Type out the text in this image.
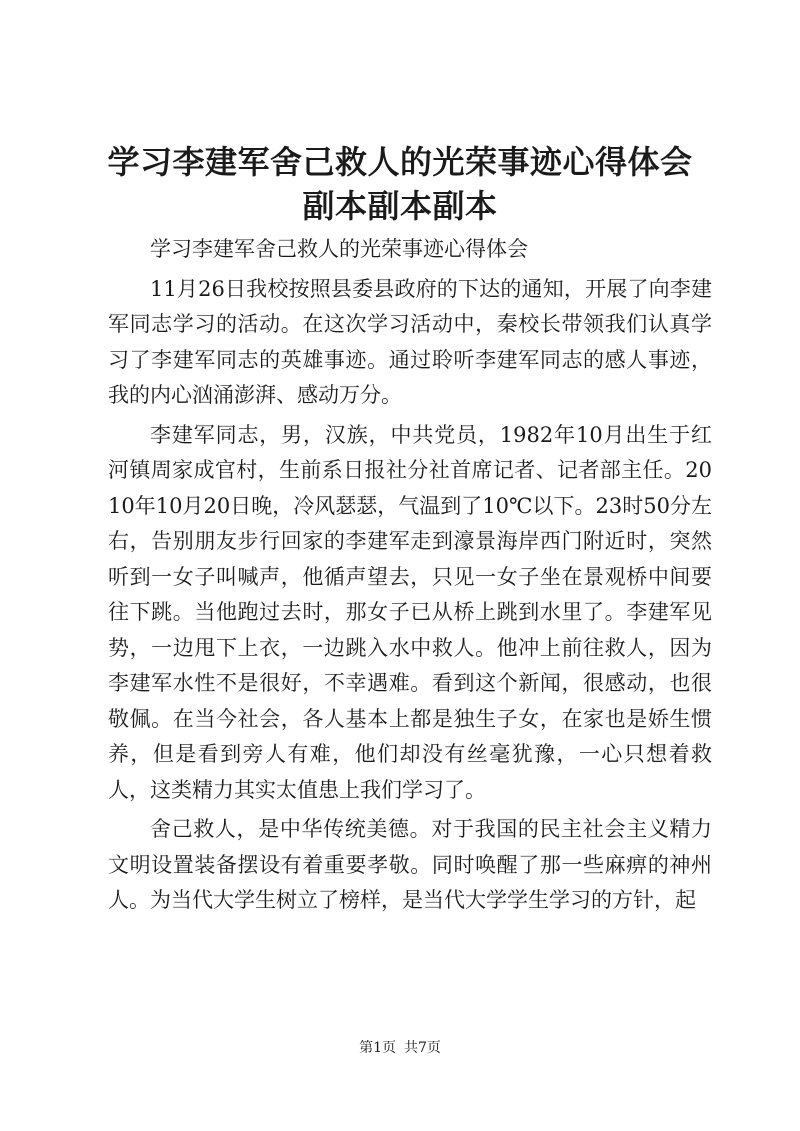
学习李建军舍己救人的光荣事迹心得体会副本副本副本

学习李建军舍己救人的光荣事迹心得体会

11月26日我校按照县委县政府的下达的通知，开展了向李建军同志学习的活动。在这次学习活动中，秦校长带领我们认真学习了李建军同志的英雄事迹。通过聆听李建军同志的感人事迹，我的内心汹涌澎湃、感动万分。

李建军同志，男，汉族，中共党员，1982年10月出生于红河镇周家成官村，生前系日报社分社首席记者、记者部主任。2010年10月20日晚，冷风瑟瑟，气温到了10℃以下。23时50分左右，告别朋友步行回家的李建军走到濠景海岸西门附近时，突然听到一女子叫喊声，他循声望去，只见一女子坐在景观桥中间要往下跳。当他跑过去时，那女子已从桥上跳到水里了。李建军见势，一边甩下上衣，一边跳入水中救人。他冲上前往救人，因为李建军水性不是很好，不幸遇难。看到这个新闻，很感动，也很敬佩。在当今社会，各人基本上都是独生子女，在家也是娇生惯养，但是看到旁人有难，他们却没有丝毫犹豫，一心只想着救人，这类精力其实太值患上我们学习了。

舍己救人，是中华传统美德。对于我国的民主社会主义精力文明设置装备摆设有着重要孝敬。同时唤醒了那一些麻痹的神州人。为当代大学生树立了榜样，是当代大学学生学习的方针，起

第1页 共7页
